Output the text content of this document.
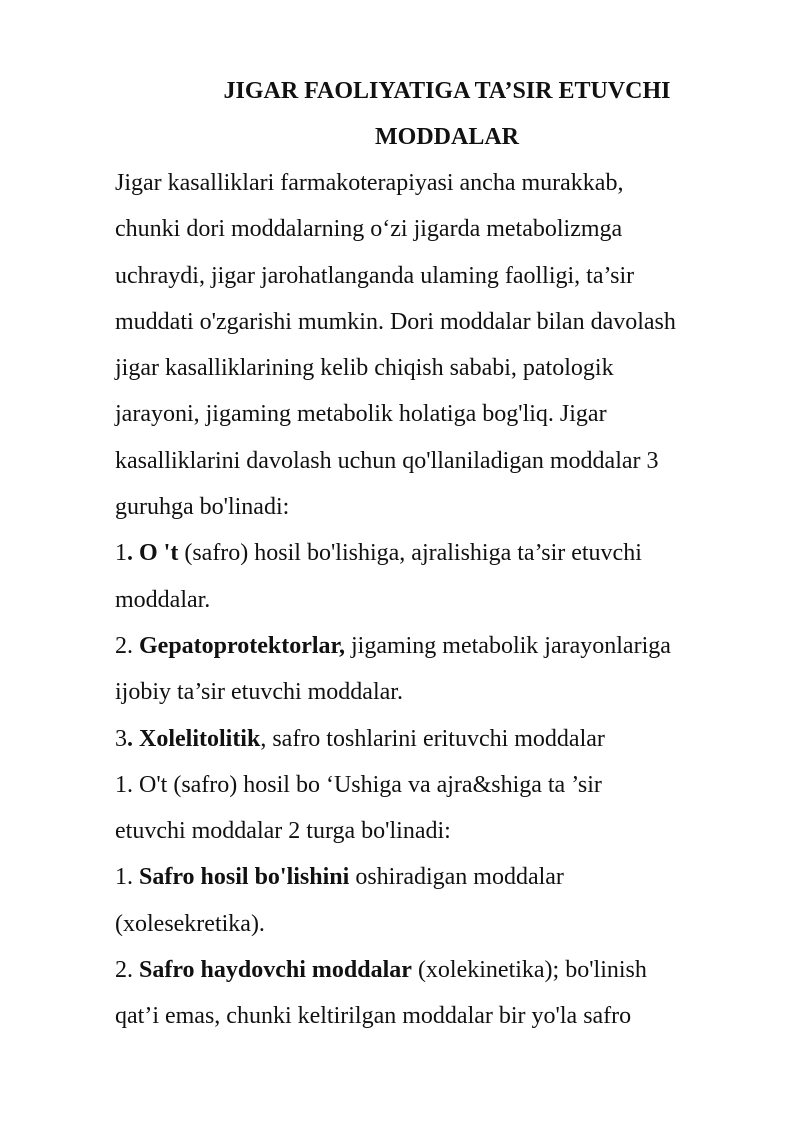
JIGAR FAOLIYATIGA TA’SIR ETUVCHI
MODDALAR
Jigar kasalliklari farmakoterapiyasi ancha murakkab,
chunki dori moddalarning o‘zi jigarda metabolizmga
uchraydi, jigar jarohatlanganda ulaming faolligi, ta’sir
muddati o'zgarishi mumkin. Dori moddalar bilan davolash
jigar kasalliklarining kelib chiqish sababi, patologik
jarayoni, jigaming metabolik holatiga bog'liq. Jigar
kasalliklarini davolash uchun qo'llaniladigan moddalar 3
guruhga bo'linadi:
1. O 't (safro) hosil bo'lishiga, ajralishiga ta’sir etuvchi
moddalar.
2. Gepatoprotektorlar, jigaming metabolik jarayonlariga
ijobiy ta’sir etuvchi moddalar.
3. Xolelitolitik, safro toshlarini erituvchi moddalar
1. O't (safro) hosil bo ‘Ushiga va ajra&shiga ta ’sir
etuvchi moddalar 2 turga bo'linadi:
1. Safro hosil bo'lishini oshiradigan moddalar
(xolesekretika).
2. Safro haydovchi moddalar (xolekinetika); bo'linish
qat’i emas, chunki keltirilgan moddalar bir yo'la safro
